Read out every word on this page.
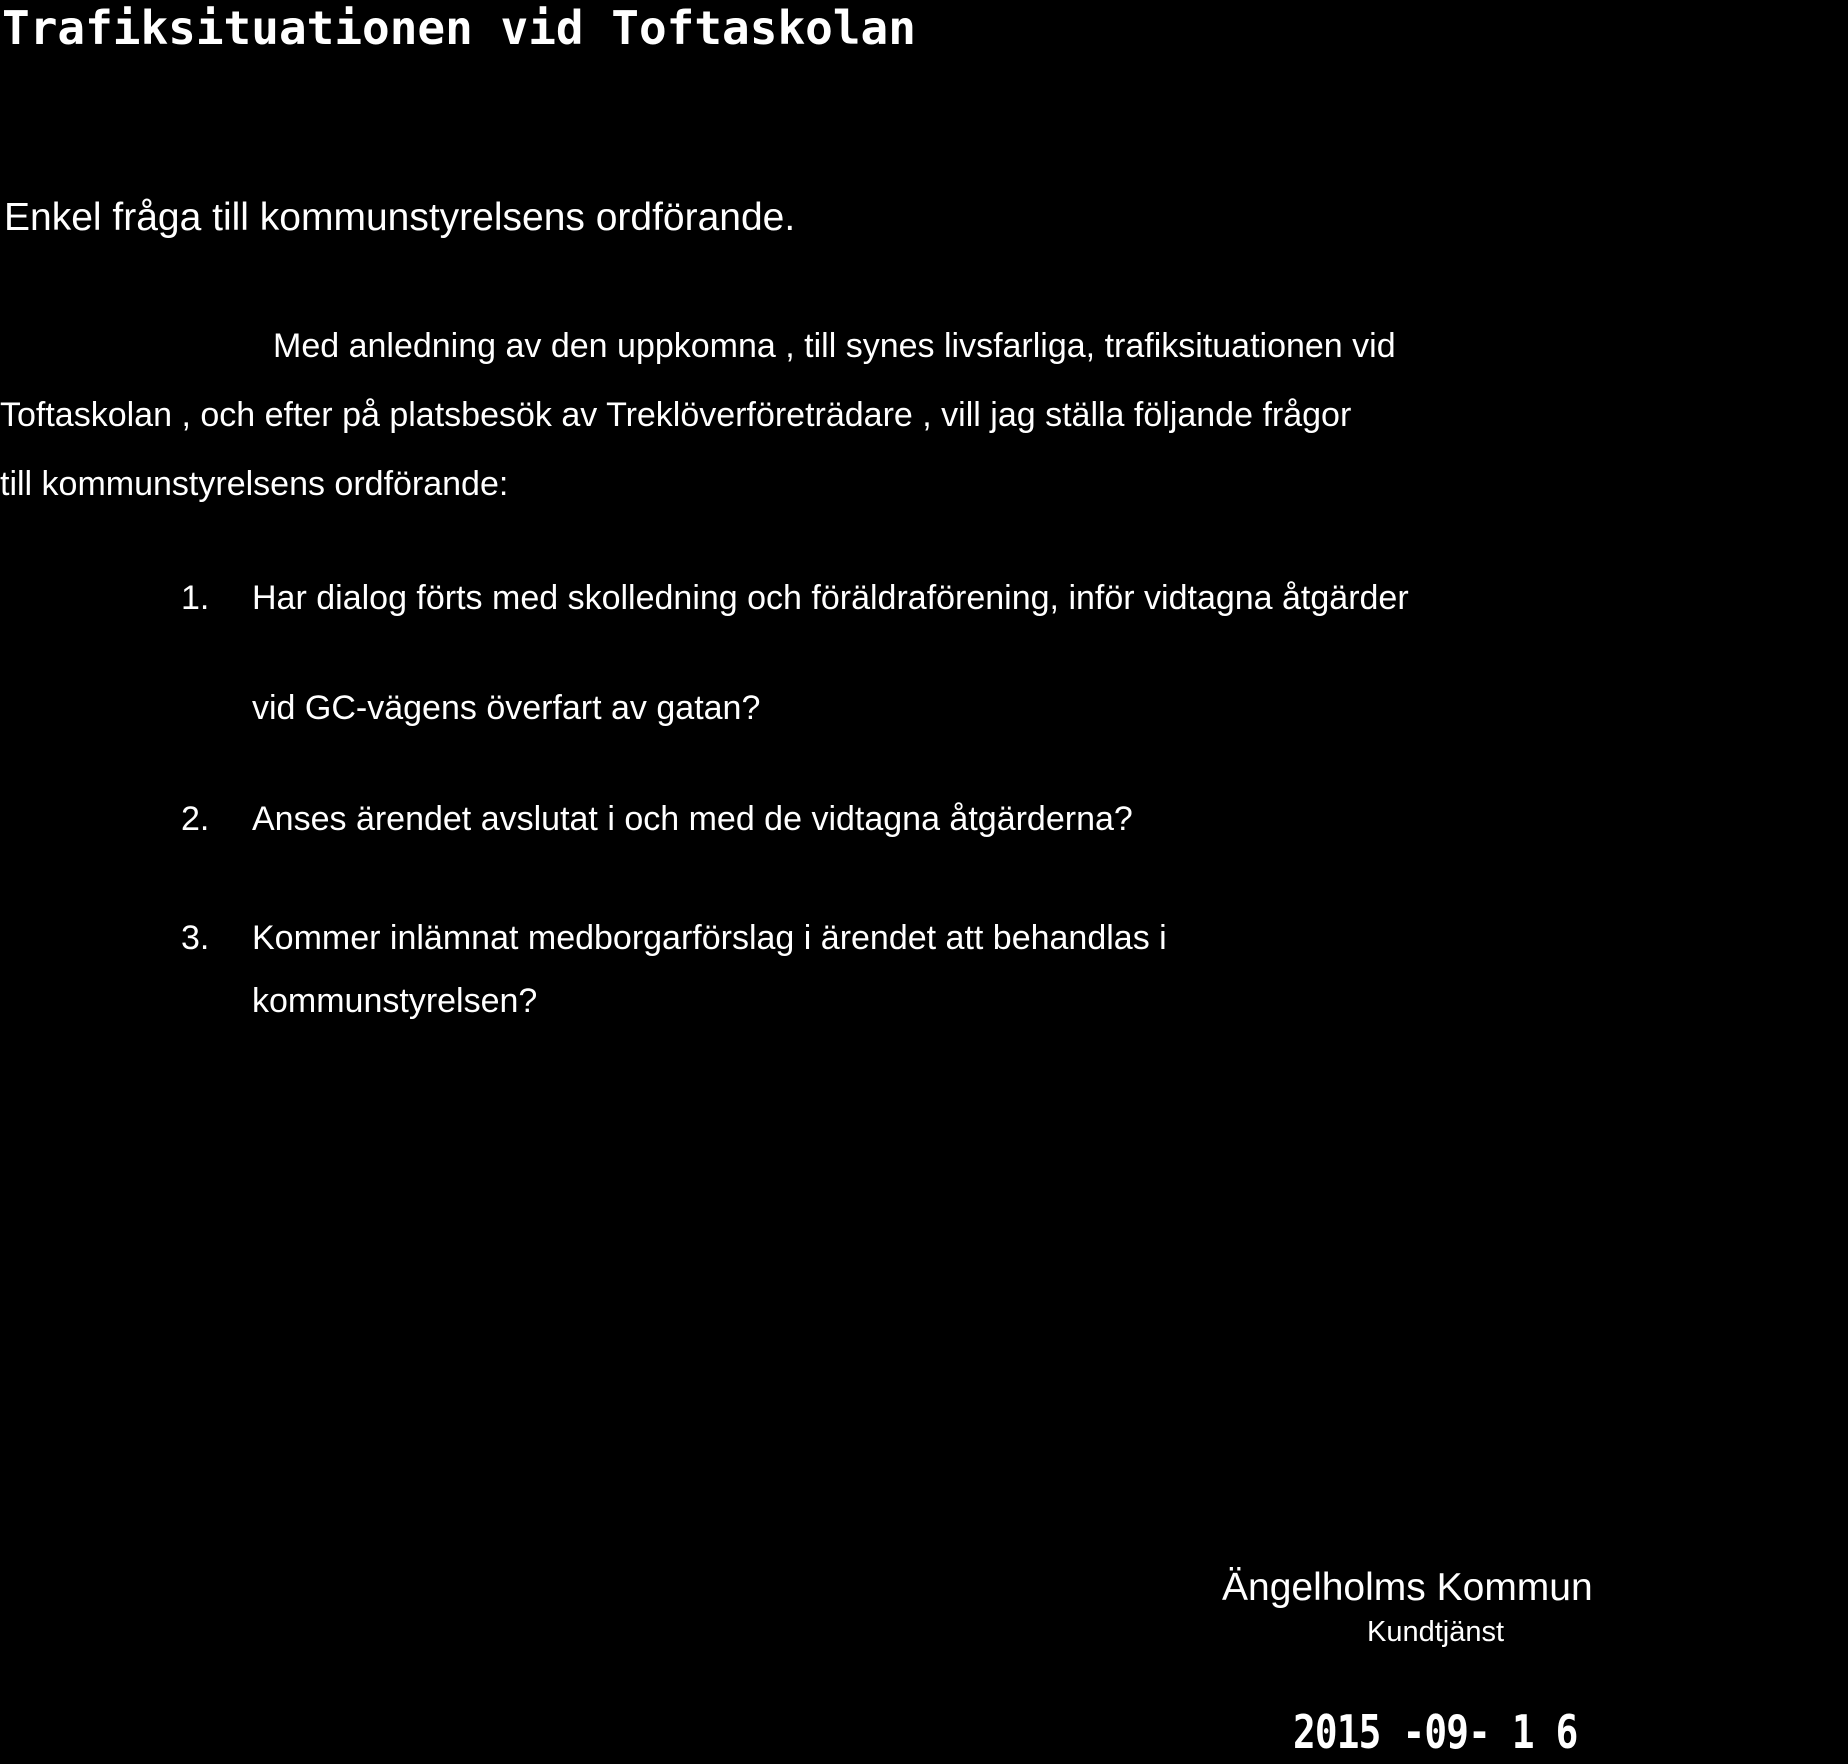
Trafiksituationen vid Toftaskolan
Enkel fråga till kommunstyrelsens ordförande.
Med anledning av den uppkomna , till synes livsfarliga, trafiksituationen vid
Toftaskolan , och efter på platsbesök av Treklöverföreträdare , vill jag ställa följande frågor
till kommunstyrelsens ordförande:
1. Har dialog förts med skolledning och föräldraförening, inför vidtagna åtgärder
vid GC-vägens överfart av gatan?
2. Anses ärendet avslutat i och med de vidtagna åtgärderna?
3. Kommer inlämnat medborgarförslag i ärendet att behandlas i
kommunstyrelsen?
Ängelholms Kommun
Kundtjänst
2015 -09- 1 6
